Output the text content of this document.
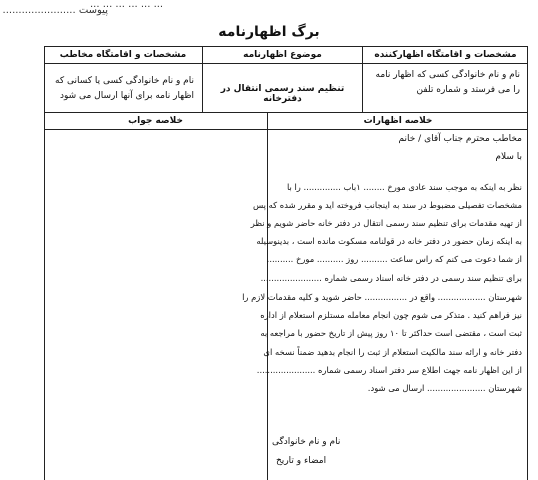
... ... ... ... ... ...
پیوست .......................
برگ اظهارنامه
مشخصات و اقامتگاه اظهارکننده
موضوع اظهارنامه
مشخصات و اقامتگاه مخاطب
نام و نام خانوادگی کسی که اظهار نامه را می فرستد و شماره تلفن
تنظیم سند رسمی انتقال در دفترخانه
نام و نام خانوادگی کسی یا کسانی که اظهار نامه برای آنها ارسال می شود
خلاصه اظهارات
خلاصه جواب
مخاطب محترم جناب آقای / خانم
با سلام
نظر به اینکه به موجب سند عادی مورخ ........ ۱باب .............. را با
مشخصات تفصیلی مضبوط در سند به اینجانب فروخته اید و مقرر شده که پس
از تهیه مقدمات برای تنظیم سند رسمی انتقال در دفتر خانه حاضر شویم و نظر
به اینکه زمان حضور در دفتر خانه در قولنامه مسکوت مانده است ، بدینوسیله
از شما دعوت می کنم که راس ساعت .......... روز .......... مورخ ..........
برای تنظیم سند رسمی در دفتر خانه اسناد رسمی شماره .......................
شهرستان .................. واقع در ................ حاضر شوید و کلیه مقدمات لازم را
نیز فراهم کنید . متذکر می شوم چون انجام معامله مستلزم استعلام از اداره
ثبت است ، مقتضی است حداکثر تا ۱۰ روز پیش از تاریخ حضور با مراجعه به
دفتر خانه و ارائه سند مالکیت استعلام از ثبت را انجام بدهید ضمناً نسخه ای
از این اظهار نامه جهت اطلاع سر دفتر اسناد رسمی شماره ......................
شهرستان ...................... ارسال می شود.
نام و نام خانوادگی
امضاء و تاریخ
